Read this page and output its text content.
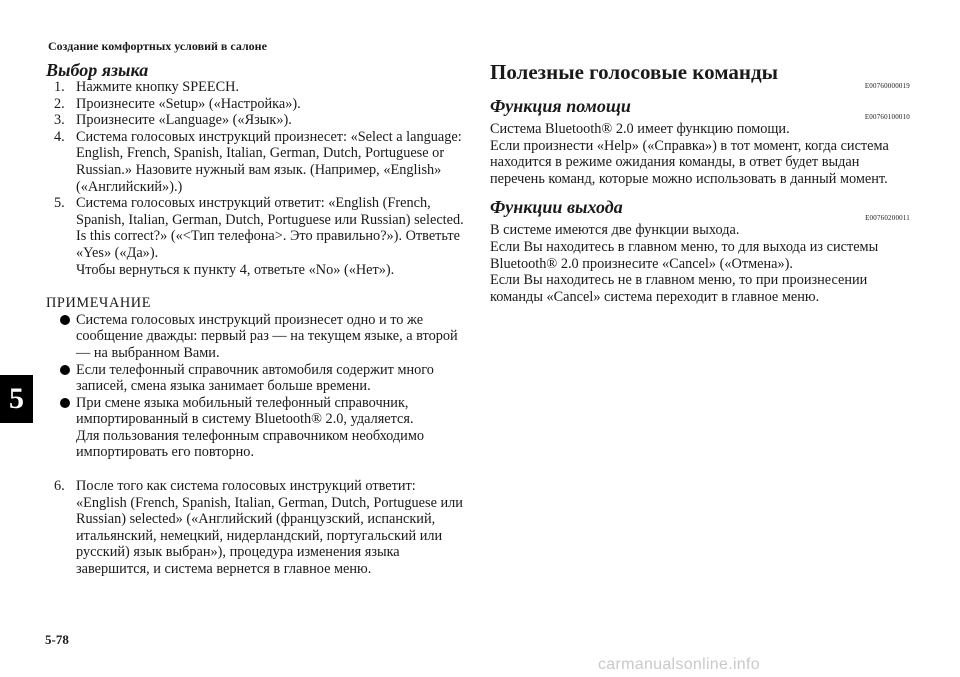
Создание комфортных условий в салоне
5
Выбор языка
1. Нажмите кнопку SPEECH.
2. Произнесите «Setup» («Настройка»).
3. Произнесите «Language» («Язык»).
4. Система голосовых инструкций произнесет: «Select a language: English, French, Spanish, Italian, German, Dutch, Portuguese or Russian.» Назовите нужный вам язык. (Например, «English» («Английский»).)
5. Система голосовых инструкций ответит: «English (French, Spanish, Italian, German, Dutch, Portuguese или Russian) selected. Is this correct?» («<Тип телефона>. Это правильно?»). Ответьте «Yes» («Да»).
Чтобы вернуться к пункту 4, ответьте «No» («Нет»).
ПРИМЕЧАНИЕ
Система голосовых инструкций произнесет одно и то же сообщение дважды: первый раз — на текущем языке, а второй — на выбранном Вами.
Если телефонный справочник автомобиля содержит много записей, смена языка занимает больше времени.
При смене языка мобильный телефонный справочник, импортированный в систему Bluetooth® 2.0, удаляется.
Для пользования телефонным справочником необходимо импортировать его повторно.
6. После того как система голосовых инструкций ответит: «English (French, Spanish, Italian, German, Dutch, Portuguese или Russian) selected» («Английский (французский, испанский, итальянский, немецкий, нидерландский, португальский или русский) язык выбран»), процедура изменения языка завершится, и система вернется в главное меню.
Полезные голосовые команды
E00760000019
Функция помощи
E00760100010

Система Bluetooth® 2.0 имеет функцию помощи.

Если произнести «Help» («Справка») в тот момент, когда система находится в режиме ожидания команды, в ответ будет выдан перечень команд, которые можно использовать в данный момент.

Функции выхода
E00760200011

В системе имеются две функции выхода.

Если Вы находитесь в главном меню, то для выхода из системы Bluetooth® 2.0 произнесите «Cancel» («Отмена»).

Если Вы находитесь не в главном меню, то при произнесении команды «Cancel» система переходит в главное меню.

5-78
carmanualsonline.info
